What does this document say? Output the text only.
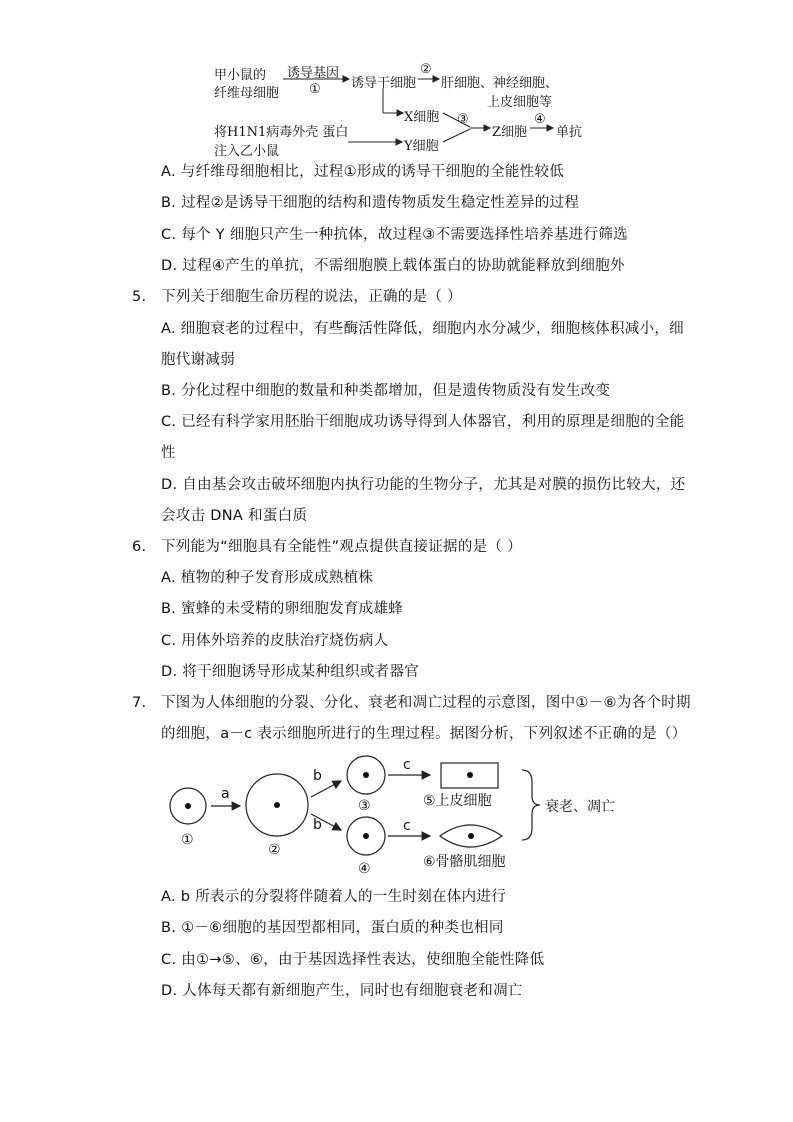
甲小鼠的
纤维母细胞
诱导基因
① 诱导干细胞
②
肝细胞、神经细胞、
上皮细胞等
X细胞
将H1N1病毒外壳 蛋白
注入乙小鼠	Y细胞
③
Z细胞
④
单抗
A. 与纤维母细胞相比，过程①形成的诱导干细胞的全能性较低
B. 过程②是诱导干细胞的结构和遗传物质发生稳定性差异的过程
C. 每个 Y 细胞只产生一种抗体，故过程③不需要选择性培养基进行筛选
D. 过程④产生的单抗，不需细胞膜上载体蛋白的协助就能释放到细胞外
5. 下列关于细胞生命历程的说法，正确的是（ ）
A. 细胞衰老的过程中，有些酶活性降低，细胞内水分减少，细胞核体积减小，细
胞代谢减弱
B. 分化过程中细胞的数量和种类都增加，但是遗传物质没有发生改变
C. 已经有科学家用胚胎干细胞成功诱导得到人体器官，利用的原理是细胞的全能
性
D. 自由基会攻击破坏细胞内执行功能的生物分子，尤其是对膜的损伤比较大，还
会攻击 DNA 和蛋白质
6. 下列能为“细胞具有全能性”观点提供直接证据的是（ ）
A. 植物的种子发育形成成熟植株
B. 蜜蜂的未受精的卵细胞发育成雄蜂
C. 用体外培养的皮肤治疗烧伤病人
D. 将干细胞诱导形成某种组织或者器官
7. 下图为人体细胞的分裂、分化、衰老和凋亡过程的示意图，图中①－⑥为各个时期
的细胞，a－c 表示细胞所进行的生理过程。据图分析，下列叙述不正确的是（）
①
②
③
④
a
b
b
c
c
⑤上皮细胞
⑥骨骼肌细胞
衰老、凋亡
A. b 所表示的分裂将伴随着人的一生时刻在体内进行
B. ①－⑥细胞的基因型都相同，蛋白质的种类也相同
C. 由①→⑤、⑥，由于基因选择性表达，使细胞全能性降低
D. 人体每天都有新细胞产生，同时也有细胞衰老和凋亡
